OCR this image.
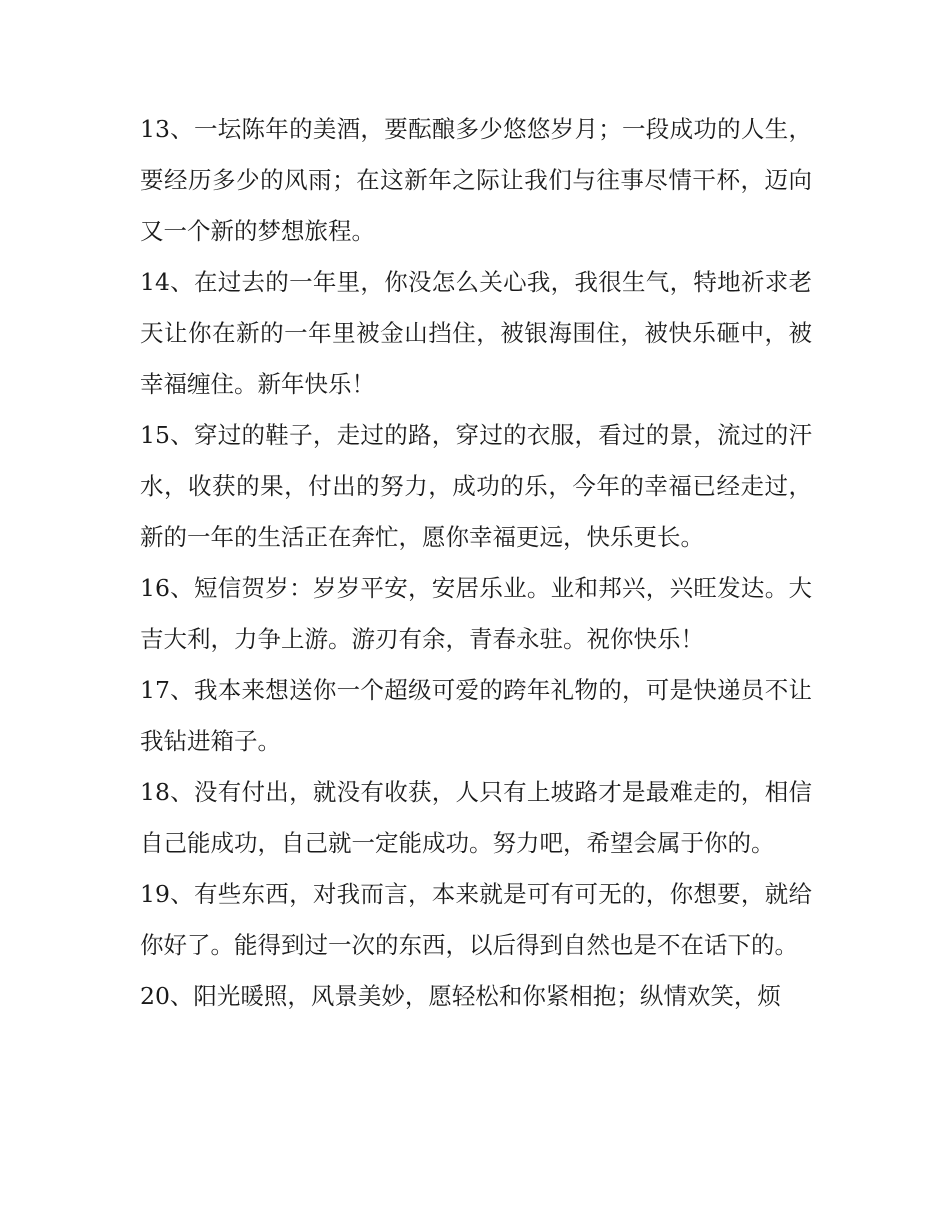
13、一坛陈年的美酒，要酝酿多少悠悠岁月；一段成功的人生，要经历多少的风雨；在这新年之际让我们与往事尽情干杯，迈向又一个新的梦想旅程。

14、在过去的一年里，你没怎么关心我，我很生气，特地祈求老天让你在新的一年里被金山挡住，被银海围住，被快乐砸中，被幸福缠住。新年快乐！

15、穿过的鞋子，走过的路，穿过的衣服，看过的景，流过的汗水，收获的果，付出的努力，成功的乐，今年的幸福已经走过，新的一年的生活正在奔忙，愿你幸福更远，快乐更长。

16、短信贺岁：岁岁平安，安居乐业。业和邦兴，兴旺发达。大吉大利，力争上游。游刃有余，青春永驻。祝你快乐！

17、我本来想送你一个超级可爱的跨年礼物的，可是快递员不让我钻进箱子。

18、没有付出，就没有收获，人只有上坡路才是最难走的，相信自己能成功，自己就一定能成功。努力吧，希望会属于你的。

19、有些东西，对我而言，本来就是可有可无的，你想要，就给你好了。能得到过一次的东西，以后得到自然也是不在话下的。

20、阳光暖照，风景美妙，愿轻松和你紧相抱；纵情欢笑，烦
